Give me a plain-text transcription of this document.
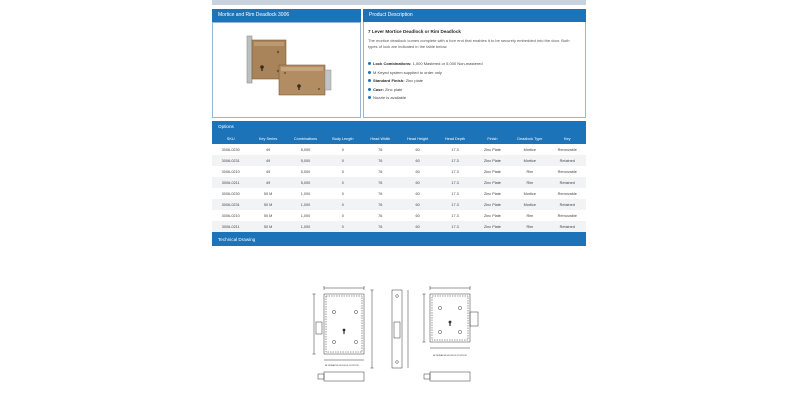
Mortice and Rim Deadlock 3006	Product Description
7 Lever Mortice Deadlock or Rim Deadlock
The mortice deadlock comes complete with a fore end that enables it to be securely embedded into the door. Both types of lock are indicated in the table below.
Lock Combinations: 1,000 Mastered or 5,000 Non-mastered
M Keyed system supplied to order only
Standard Finish: Zinc plate
Case: Zinc plate
Nozzle is available
Options
SKU	Key Series	Combinations	Body Length	Head Width	Head Height	Head Depth	Finish	Deadlock Type	Key
3006-0230	49	5,000	0	76	60	17.3	Zinc Plate	Mortice	Removable
3006-0231	49	5,000	0	76	60	17.3	Zinc Plate	Mortice	Retained
3006-0210	49	5,000	0	76	60	17.3	Zinc Plate	Rim	Removable
3006-0211	49	5,000	0	76	60	17.3	Zinc Plate	Rim	Retained
3006-0230	50 M	1,000	0	76	60	17.3	Zinc Plate	Mortice	Removable
3006-0231	50 M	1,000	0	76	60	17.3	Zinc Plate	Mortice	Retained
3006-0210	50 M	1,000	0	76	60	17.3	Zinc Plate	Rim	Removable
3006-0211	50 M	1,000	0	76	60	17.3	Zinc Plate	Rim	Retained
Technical Drawing
ALTERNATIVE KEYHOLE POSITION
ALTERNATIVE KEYHOLE POSITION
